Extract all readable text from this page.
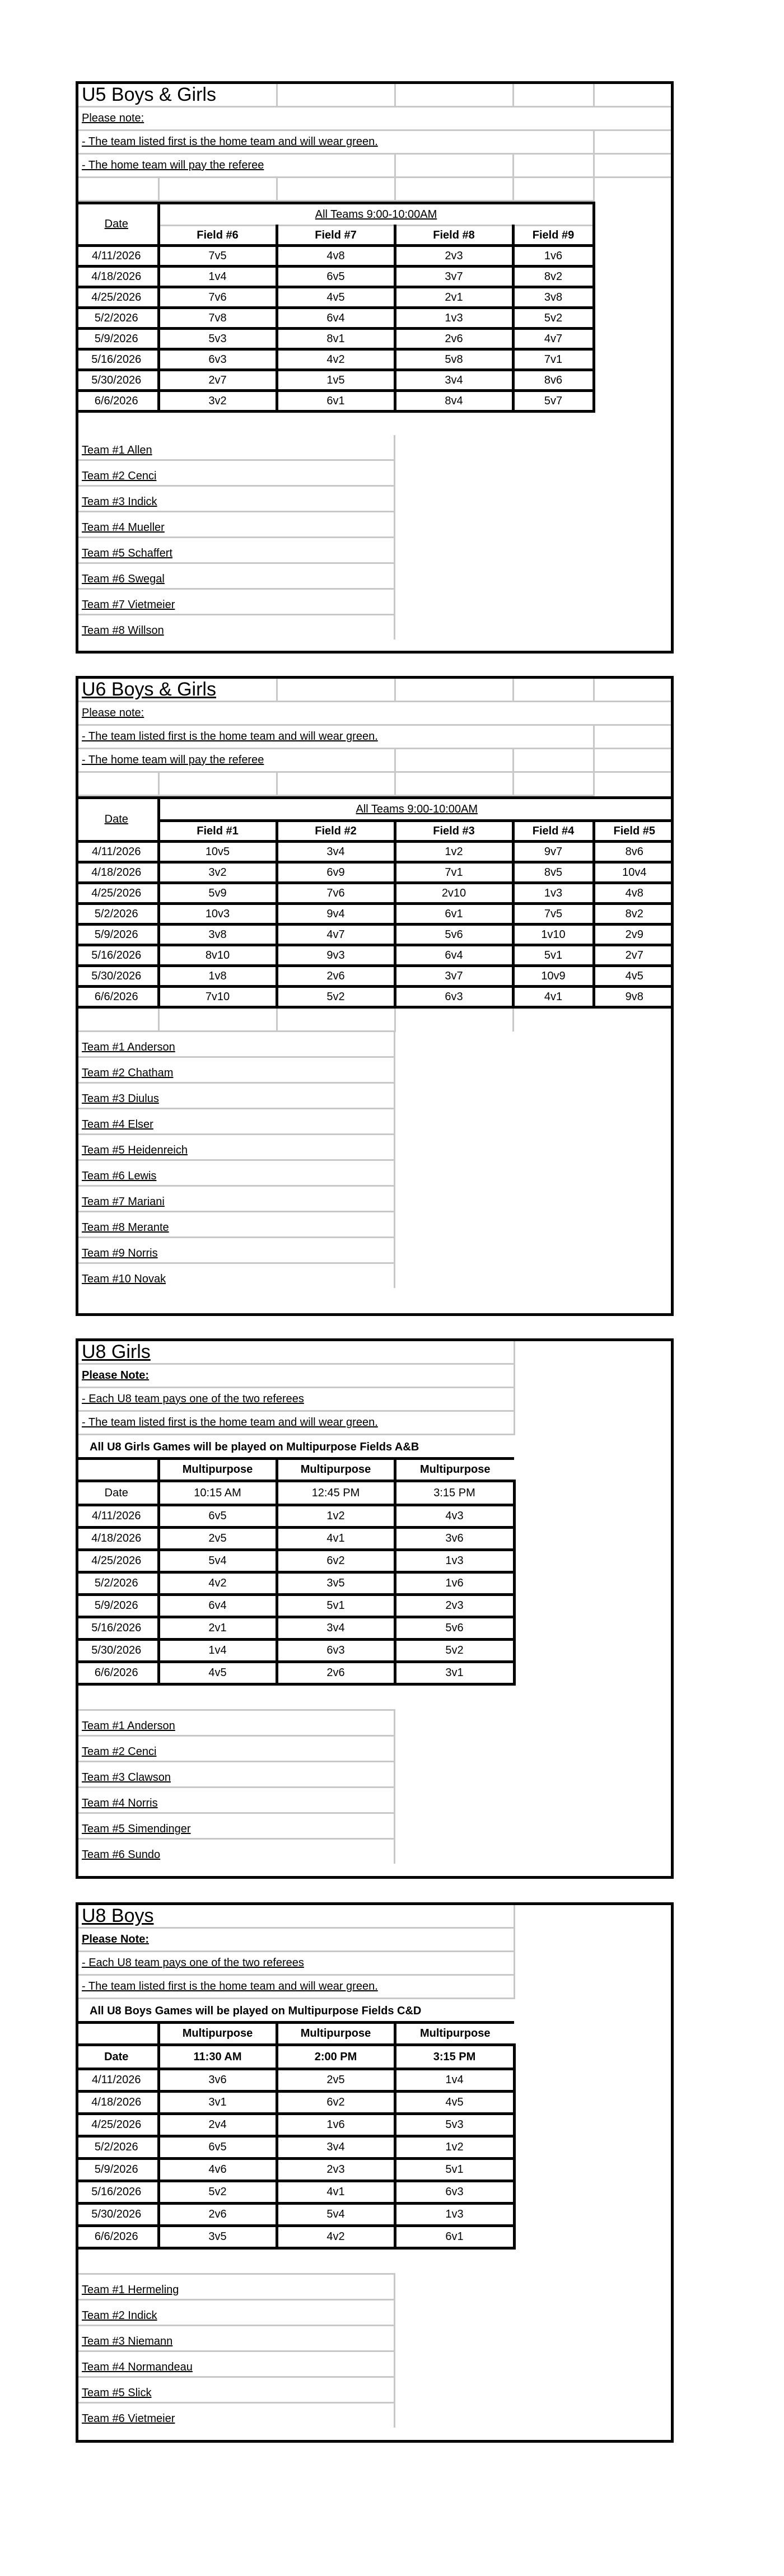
U5 Boys & Girls					
Please note:					
- The team listed first is the home team and will wear green.					
- The home team will pay the referee					

Date	All Teams 9:00-10:00AM			
	Field #6	Field #7	Field #8	Field #9
4/11/2026	7v5	4v8	2v3	1v6
4/18/2026	1v4	6v5	3v7	8v2
4/25/2026	7v6	4v5	2v1	3v8
5/2/2026	7v8	6v4	1v3	5v2
5/9/2026	5v3	8v1	2v6	4v7
5/16/2026	6v3	4v2	5v8	7v1
5/30/2026	2v7	1v5	3v4	8v6
6/6/2026	3v2	6v1	8v4	5v7
Team #1 Allen
Team #2 Cenci
Team #3 Indick
Team #4 Mueller
Team #5 Schaffert
Team #6 Swegal
Team #7 Vietmeier
Team #8 Willson
U6 Boys & Girls					
Please note:					
- The team listed first is the home team and will wear green.					
- The home team will pay the referee					

Date	All Teams 9:00-10:00AM				
	Field #1	Field #2	Field #3	Field #4	Field #5
4/11/2026	10v5	3v4	1v2	9v7	8v6
4/18/2026	3v2	6v9	7v1	8v5	10v4
4/25/2026	5v9	7v6	2v10	1v3	4v8
5/2/2026	10v3	9v4	6v1	7v5	8v2
5/9/2026	3v8	4v7	5v6	1v10	2v9
5/16/2026	8v10	9v3	6v4	5v1	2v7
5/30/2026	1v8	2v6	3v7	10v9	4v5
6/6/2026	7v10	5v2	6v3	4v1	9v8

Team #1 Anderson
Team #2 Chatham
Team #3 Diulus
Team #4 Elser
Team #5 Heidenreich
Team #6 Lewis
Team #7 Mariani
Team #8 Merante
Team #9 Norris
Team #10 Novak
U8 Girls
Please Note:
- Each U8 team pays one of the two referees
- The team listed first is the home team and will wear green.
All U8 Girls Games will be played on Multipurpose Fields A&B
	Multipurpose	Multipurpose	Multipurpose
Date	10:15 AM	12:45 PM	3:15 PM
4/11/2026	6v5	1v2	4v3
4/18/2026	2v5	4v1	3v6
4/25/2026	5v4	6v2	1v3
5/2/2026	4v2	3v5	1v6
5/9/2026	6v4	5v1	2v3
5/16/2026	2v1	3v4	5v6
5/30/2026	1v4	6v3	5v2
6/6/2026	4v5	2v6	3v1
Team #1 Anderson
Team #2 Cenci
Team #3 Clawson
Team #4 Norris
Team #5 Simendinger
Team #6 Sundo
U8 Boys
Please Note:
- Each U8 team pays one of the two referees
- The team listed first is the home team and will wear green.
All U8 Boys Games will be played on Multipurpose Fields C&D
	Multipurpose	Multipurpose	Multipurpose
Date	11:30 AM	2:00 PM	3:15 PM
4/11/2026	3v6	2v5	1v4
4/18/2026	3v1	6v2	4v5
4/25/2026	2v4	1v6	5v3
5/2/2026	6v5	3v4	1v2
5/9/2026	4v6	2v3	5v1
5/16/2026	5v2	4v1	6v3
5/30/2026	2v6	5v4	1v3
6/6/2026	3v5	4v2	6v1
Team #1 Hermeling
Team #2 Indick
Team #3 Niemann
Team #4 Normandeau
Team #5 Slick
Team #6 Vietmeier
